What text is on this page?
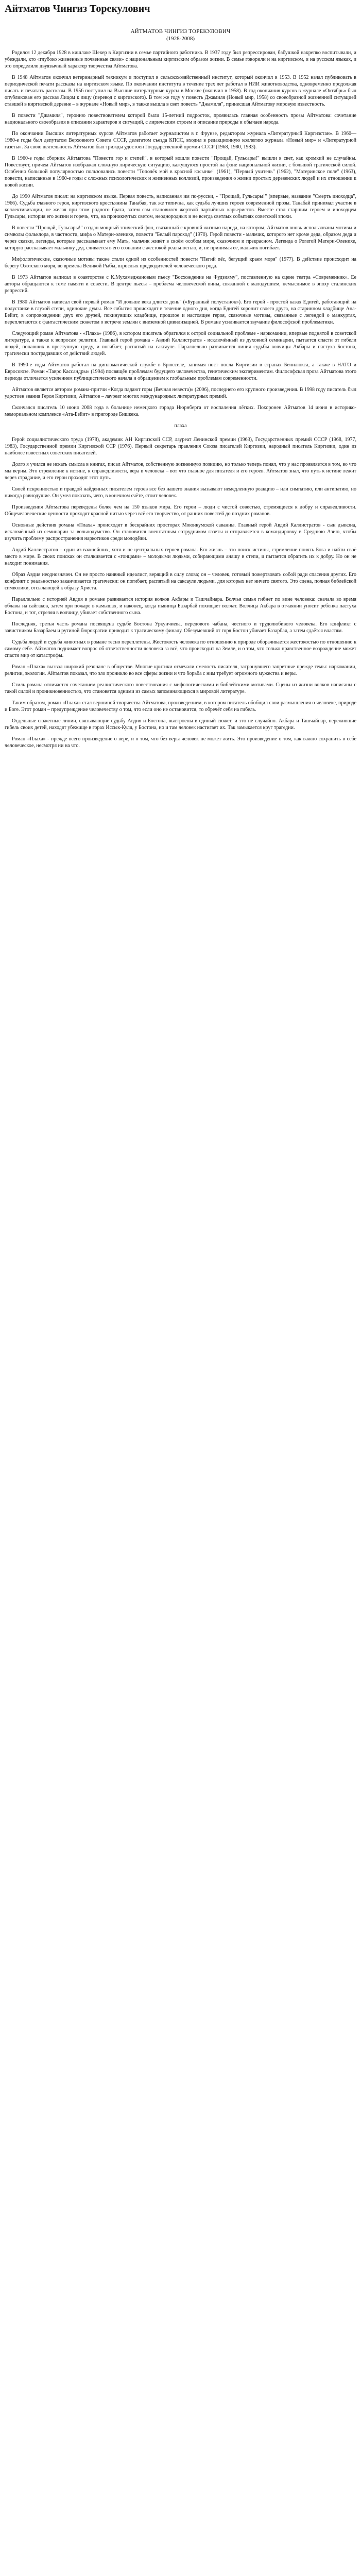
Айтматов Чингиз Торекулович

АЙТМАТОВ ЧИНГИЗ ТОРЕКУЛОВИЧ

(1928-2008)

Родился 12 декабря 1928 в кишлаке Шекер в Киргизии в семье партийного работника. В 1937 году был репрессирован, бабушкой накрепко воспитывали, и убеждали, кто «глубоко жизненные почвенные связи» с национальным киргизским образом жизни. В семье говорили и на киргизском, и на русском языках, и это определило двуязычный характер творчества Айтматова.

В 1948 Айтматов окончил ветеринарный техникум и поступил в сельскохозяйственный институт, который окончил в 1953. В 1952 начал публиковать в периодической печати рассказы на киргизском языке. По окончании института в течение трех лет работал в НИИ животноводства, одновременно продолжая писать и печатать рассказы. В 1956 поступил на Высшие литературные курсы в Москве (окончил в 1958). В год окончания курсов в журнале «Октябрь» был опубликован его рассказ Лицом к лицу (перевод с киргизского). В том же году у повесть Джамиля (Новый мир, 1958) со своеобразной жизненной ситуацией ставшей в киргизской деревне – в журнале «Новый мир», в также вышла в свет повесть "Джамиля", принесшая Айтматову мировую известность.

В повести "Джамиля", героиню повествователем которой были 15-летний подросток, проявилась главная особенность прозы Айтматова: сочетание национального своеобразия в описании характеров и ситуаций, с лирическим строем и описание природы и обычаев народа.

По окончании Высших литературных курсов Айтматов работает журналистом в г. Фрунзе, редактором журнала «Литературный Киргизстан». В 1960—1980-е годы был депутатом Верховного Совета СССР, делегатом съезда КПСС, входил в редакционную коллегию журнала «Новый мир» и «Литературной газеты». За свою деятельность Айтматов был трижды удостоен Государственной премии СССР (1968, 1980, 1983).

В 1960-е годы сборник Айтматова "Повести гор и степей", в который вошли повести "Прощай, Гульсары!" вышли в свет, как кромкий не случайны. Повествует, причем Айтматов изображал сложную лирическую ситуацию, кажущуюся простой на фоне национальной жизни, с большой трагической силой. Особенно большой популярностью пользовались повести "Тополёк мой в красной косынке" (1961), "Первый учитель" (1962), "Материнское поле" (1963), повести, написанные в 1960-е годы с сложных психологических и жизненных коллизий, произведения о жизни простых деревенских людей и их отношении к новой жизни.

До 1990 Айтматов писал: на киргизском языке. Первая повесть, написанная им по-русски, - "Прощай, Гульсары!" (впервые, название "Смерть иноходца", 1966). Судьба главного героя, киргизского крестьянина Танабая, так же типична, как судьба лучших героев современной прозы. Танабай принимал участие в коллективизации, не желая при этом родного брата, затем сам становился жертвой партийных карьеристов. Вместе стал старшим героем и иноходцем Гульсары, история его жизни и горечь, что, на проникнутых светом, неоднородных и не всегда светлых событиях советской эпохи.

В повести "Прощай, Гульсары!" создан мощный эпический фон, связанный с кровной жизнью народа, на котором, Айтматов вновь использованы мотивы и символы фольклора, в частности, мифа о Матери-оленихе, повести "Белый пароход" (1970). Герой повести - мальчик, которого нет кроме деда, образом деда и через сказки, легенды, которые рассказывает ему Мать, мальчик живёт в своём особом мире, сказочном и прекрасном. Легенда о Рогатой Матери-Оленихе, которую рассказывает мальчику дед, сливается в его сознании с жестокой реальностью, и, не принимая её, мальчик погибает.

Мифологические, сказочные мотивы также стали одной из особенностей повести "Пегий пёс, бегущий краем моря" (1977). В действие происходит на берегу Охотского моря, во времена Великой Рыбы, взрослых предводителей человеческого рода.

В 1973 Айтматов написал в соавторстве с К.Мухамеджановым пьесу "Восхождение на Фудзияму", поставленную на сцене театра «Современник». Ее авторы обращаются к теме памяти и совести. В центре пьесы – проблема человеческой вины, связанной с малодушием, немыслимое в эпоху сталинских репрессий.

В 1980 Айтматов написал свой первый роман "И дольше века длится день" («Буранный полустанок»). Его герой - простой казах Едигей, работающий на полустанке в глухой степи, одинокие думы. Все события происходят в течение одного дня, когда Едигей хоронит своего друга, на старинном кладбище Ана-Бейит, в сопровождении двух его друзей, покинувших кладбище, прошлое и настоящее героя, сказочные мотивы, связанные с легендой о манкуртах, переплетаются с фантастическим сюжетом о встрече землян с внеземной цивилизацией. В романе усиливается звучание философской проблематики.

Следующий роман Айтматова - «Плаха» (1986), в котором писатель обратился к острой социальной проблеме - наркомании, впервые поднятой в советской литературе, а также к вопросам религии. Главный герой романа - Авдий Каллистратов - исключённый из духовной семинарии, пытается спасти от гибели людей, попавших в преступную среду, и погибает, распятый на саксауле. Параллельно развивается линия судьбы волчицы Акбары и пастуха Бостона, трагически пострадавших от действий людей.

В 1990-е годы Айтматов работал на дипломатической службе в Брюсселе, занимая пост посла Киргизии в странах Бенилюкса, а также в НАТО и Евросоюзе. Роман «Тавро Кассандры» (1994) посвящён проблемам будущего человечества, генетическим экспериментам. Философская проза Айтматова этого периода отличается усилением публицистического начала и обращением к глобальным проблемам современности.

Айтматов является автором романа-притчи «Когда падают горы (Вечная невеста)» (2006), последнего его крупного произведения. В 1998 году писатель был удостоен звания Героя Киргизии, Айтматов – лауреат многих международных литературных премий.

Скончался писатель 10 июня 2008 года в больнице немецкого города Нюрнберга от воспаления лёгких. Похоронен Айтматов 14 июня в историко-мемориальном комплексе «Ата-Бейит» в пригороде Бишкека.

плаха

Герой социалистического труда (1978), академик АН Киргизской ССР, лауреат Ленинской премии (1963), Государственных премий СССР (1968, 1977, 1983), Государственной премии Киргизской ССР (1976). Первый секретарь правления Союза писателей Киргизии, народный писатель Киргизии, один из наиболее известных советских писателей.

Долго я учился не искать смысла в книгах, писал Айтматов, собственную жизненную позицию, но только теперь понял, что у нас проявляется в том, во что мы верим. Это стремление к истине, к справедливости, вера в человека – вот что главное для писателя и его героев. Айтматов знал, что путь к истине лежит через страдание, и его герои проходят этот путь.

Своей искренностью и правдой найденных писателем героев все без нашего знания вызывают немедленную реакцию – или симпатию, или антипатию, но никогда равнодушие. Он умел показать, чего, в конечном счёте, стоит человек.

Произведения Айтматова переведены более чем на 150 языков мира. Его герои – люди с чистой совестью, стремящиеся к добру и справедливости. Общечеловеческие ценности проходят красной нитью через всё его творчество, от ранних повестей до поздних романов.

Основные действия романа «Плаха» происходят в бескрайних просторах Моюнкумской саванны. Главный герой Авдий Каллистратов - сын дьякона, исключённый из семинарии за вольнодумство. Он становится внештатным сотрудником газеты и отправляется в командировку в Среднюю Азию, чтобы изучить проблему распространения наркотиков среди молодёжи.

Авдий Каллистратов – один из важнейших, хотя и не центральных героев романа. Его жизнь – это поиск истины, стремление понять Бога и найти своё место в мире. В своих поисках он сталкивается с «гонцами» – молодыми людьми, собирающими анашу в степи, и пытается обратить их к добру. Но он не находит понимания.

Образ Авдия неоднозначен. Он не просто наивный идеалист, верящий в силу слова; он – человек, готовый пожертвовать собой ради спасения других. Его конфликт с реальностью заканчивается трагически: он погибает, распятый на саксауле людьми, для которых нет ничего святого. Это сцена, полная библейской символики, отсылающей к образу Христа.

Параллельно с историей Авдия в романе развивается история волков Акбары и Ташчайнара. Волчья семья гибнет по вине человека: сначала во время облавы на сайгаков, затем при пожаре в камышах, и наконец, когда пьяница Базарбай похищает волчат. Волчица Акбара в отчаянии уносит ребёнка пастуха Бостона, и тот, стреляя в волчицу, убивает собственного сына.

Последняя, третья часть романа посвящена судьбе Бостона Уркунчиева, передового чабана, честного и трудолюбивого человека. Его конфликт с завистником Базарбаем и рутиной бюрократии приводит к трагическому финалу. Обезумевший от горя Бостон убивает Базарбая, а затем сдаётся властям.

Судьба людей и судьба животных в романе тесно переплетены. Жестокость человека по отношению к природе оборачивается жестокостью по отношению к самому себе. Айтматов поднимает вопрос об ответственности человека за всё, что происходит на Земле, и о том, что только нравственное возрождение может спасти мир от катастрофы.

Роман «Плаха» вызвал широкий резонанс в обществе. Многие критики отмечали смелость писателя, затронувшего запретные прежде темы: наркомании, религии, экологии. Айтматов показал, что зло проникло во все сферы жизни и что борьба с ним требует огромного мужества и веры.

Стиль романа отличается сочетанием реалистического повествования с мифологическими и библейскими мотивами. Сцены из жизни волков написаны с такой силой и проникновенностью, что становятся одними из самых запоминающихся в мировой литературе.

Таким образом, роман «Плаха» стал вершиной творчества Айтматова, произведением, в котором писатель обобщил свои размышления о человеке, природе и Боге. Этот роман – предупреждение человечеству о том, что если оно не остановится, то обречёт себя на гибель.

Отдельные сюжетные линии, связывающие судьбу Авдия и Бостона, выстроены в единый сюжет, и это не случайно. Акбара и Ташчайнар, пережившие гибель своих детей, находят убежище в горах Иссык-Куля, у Бостона, но и там человек настигает их. Так замыкается круг трагедии.

Роман «Плаха» - прежде всего произведение о вере, и о том, что без веры человек не может жить. Это произведение о том, как важно сохранить в себе человеческое, несмотря ни на что.
